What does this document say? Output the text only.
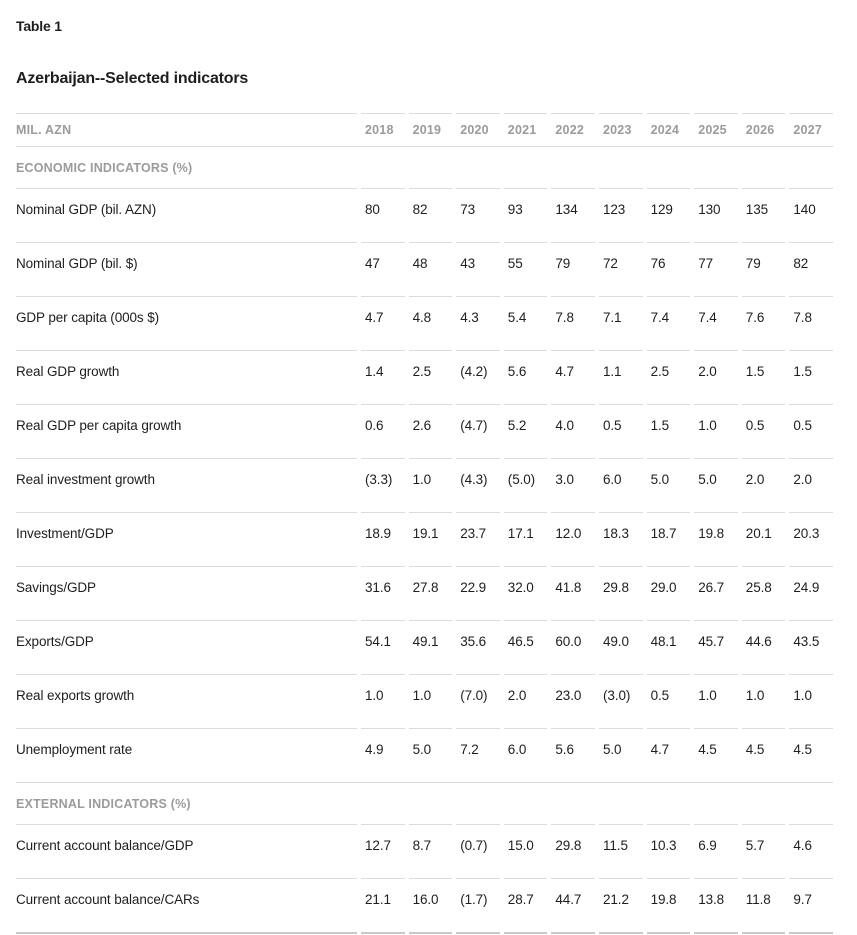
Table 1
Azerbaijan--Selected indicators
MIL. AZN	2018	2019	2020	2021	2022	2023	2024	2025	2026	2027
ECONOMIC INDICATORS (%)
Nominal GDP (bil. AZN)	80	82	73	93	134	123	129	130	135	140
Nominal GDP (bil. $)	47	48	43	55	79	72	76	77	79	82
GDP per capita (000s $)	4.7	4.8	4.3	5.4	7.8	7.1	7.4	7.4	7.6	7.8
Real GDP growth	1.4	2.5	(4.2)	5.6	4.7	1.1	2.5	2.0	1.5	1.5
Real GDP per capita growth	0.6	2.6	(4.7)	5.2	4.0	0.5	1.5	1.0	0.5	0.5
Real investment growth	(3.3)	1.0	(4.3)	(5.0)	3.0	6.0	5.0	5.0	2.0	2.0
Investment/GDP	18.9	19.1	23.7	17.1	12.0	18.3	18.7	19.8	20.1	20.3
Savings/GDP	31.6	27.8	22.9	32.0	41.8	29.8	29.0	26.7	25.8	24.9
Exports/GDP	54.1	49.1	35.6	46.5	60.0	49.0	48.1	45.7	44.6	43.5
Real exports growth	1.0	1.0	(7.0)	2.0	23.0	(3.0)	0.5	1.0	1.0	1.0
Unemployment rate	4.9	5.0	7.2	6.0	5.6	5.0	4.7	4.5	4.5	4.5
EXTERNAL INDICATORS (%)
Current account balance/GDP	12.7	8.7	(0.7)	15.0	29.8	11.5	10.3	6.9	5.7	4.6
Current account balance/CARs	21.1	16.0	(1.7)	28.7	44.7	21.2	19.8	13.8	11.8	9.7
